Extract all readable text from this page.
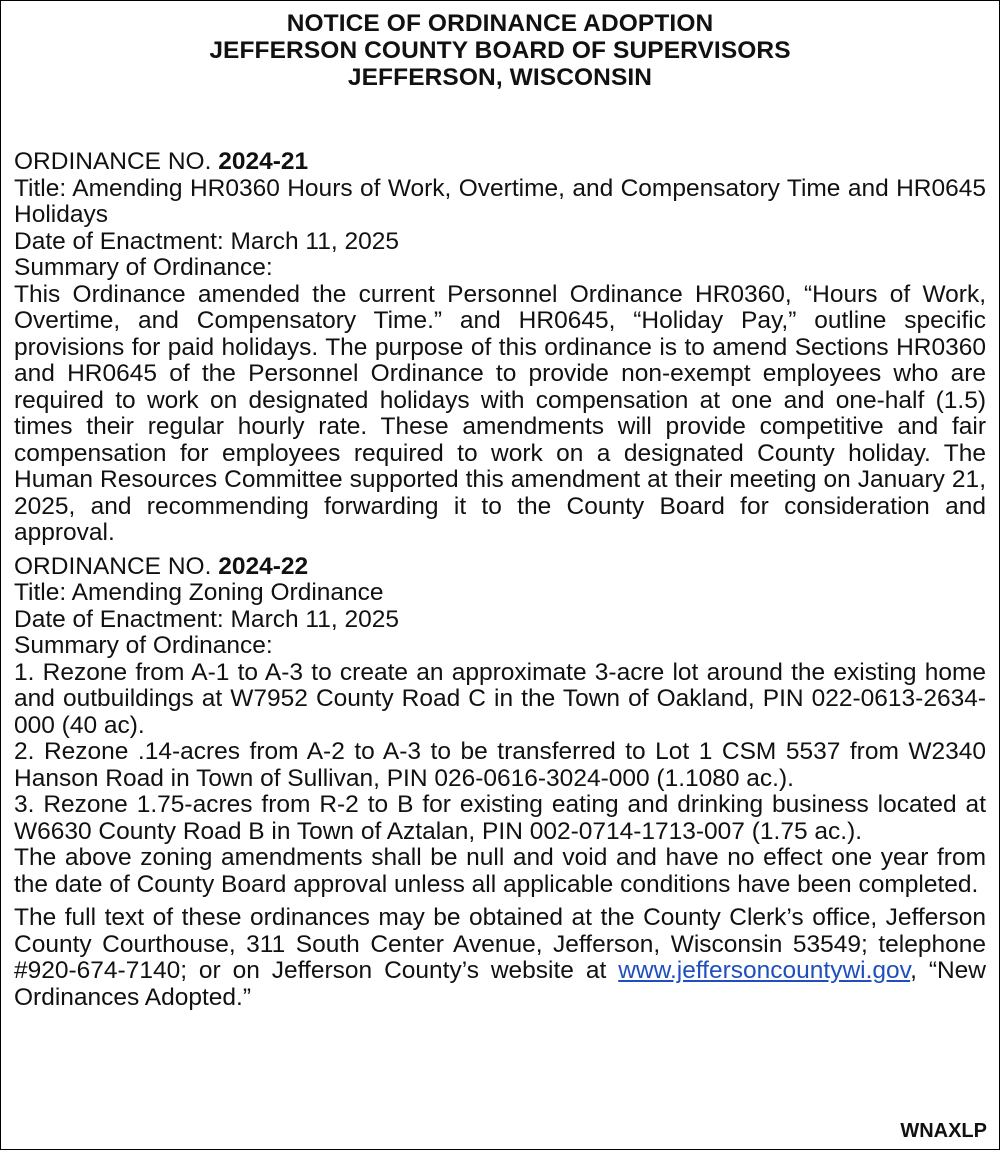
NOTICE OF ORDINANCE ADOPTION
JEFFERSON COUNTY BOARD OF SUPERVISORS
JEFFERSON, WISCONSIN
ORDINANCE NO. 2024-21
Title: Amending HR0360 Hours of Work, Overtime, and Compensatory Time and HR0645 Holidays
Date of Enactment: March 11, 2025
Summary of Ordinance:
This Ordinance amended the current Personnel Ordinance HR0360, “Hours of Work, Overtime, and Compensatory Time.” and HR0645, “Holiday Pay,” outline specific provisions for paid holidays. The purpose of this ordinance is to amend Sections HR0360 and HR0645 of the Personnel Ordinance to provide non-exempt employees who are required to work on designated holidays with compensation at one and one-half (1.5) times their regular hourly rate. These amendments will provide competitive and fair compensation for employees required to work on a designated County holiday. The Human Resources Committee supported this amendment at their meeting on January 21, 2025, and recommending forwarding it to the County Board for consideration and approval.
ORDINANCE NO. 2024-22
Title: Amending Zoning Ordinance
Date of Enactment: March 11, 2025
Summary of Ordinance:
1. Rezone from A-1 to A-3 to create an approximate 3-acre lot around the existing home and outbuildings at W7952 County Road C in the Town of Oakland, PIN 022-0613-2634-000 (40 ac).
2. Rezone .14-acres from A-2 to A-3 to be transferred to Lot 1 CSM 5537 from W2340 Hanson Road in Town of Sullivan, PIN 026-0616-3024-000 (1.1080 ac.).
3. Rezone 1.75-acres from R-2 to B for existing eating and drinking business located at W6630 County Road B in Town of Aztalan, PIN 002-0714-1713-007 (1.75 ac.).
The above zoning amendments shall be null and void and have no effect one year from the date of County Board approval unless all applicable conditions have been completed.
The full text of these ordinances may be obtained at the County Clerk’s office, Jefferson County Courthouse, 311 South Center Avenue, Jefferson, Wisconsin 53549; telephone #920-674-7140; or on Jefferson County’s website at www.jeffersoncountywi.gov, “New Ordinances Adopted.”
WNAXLP
